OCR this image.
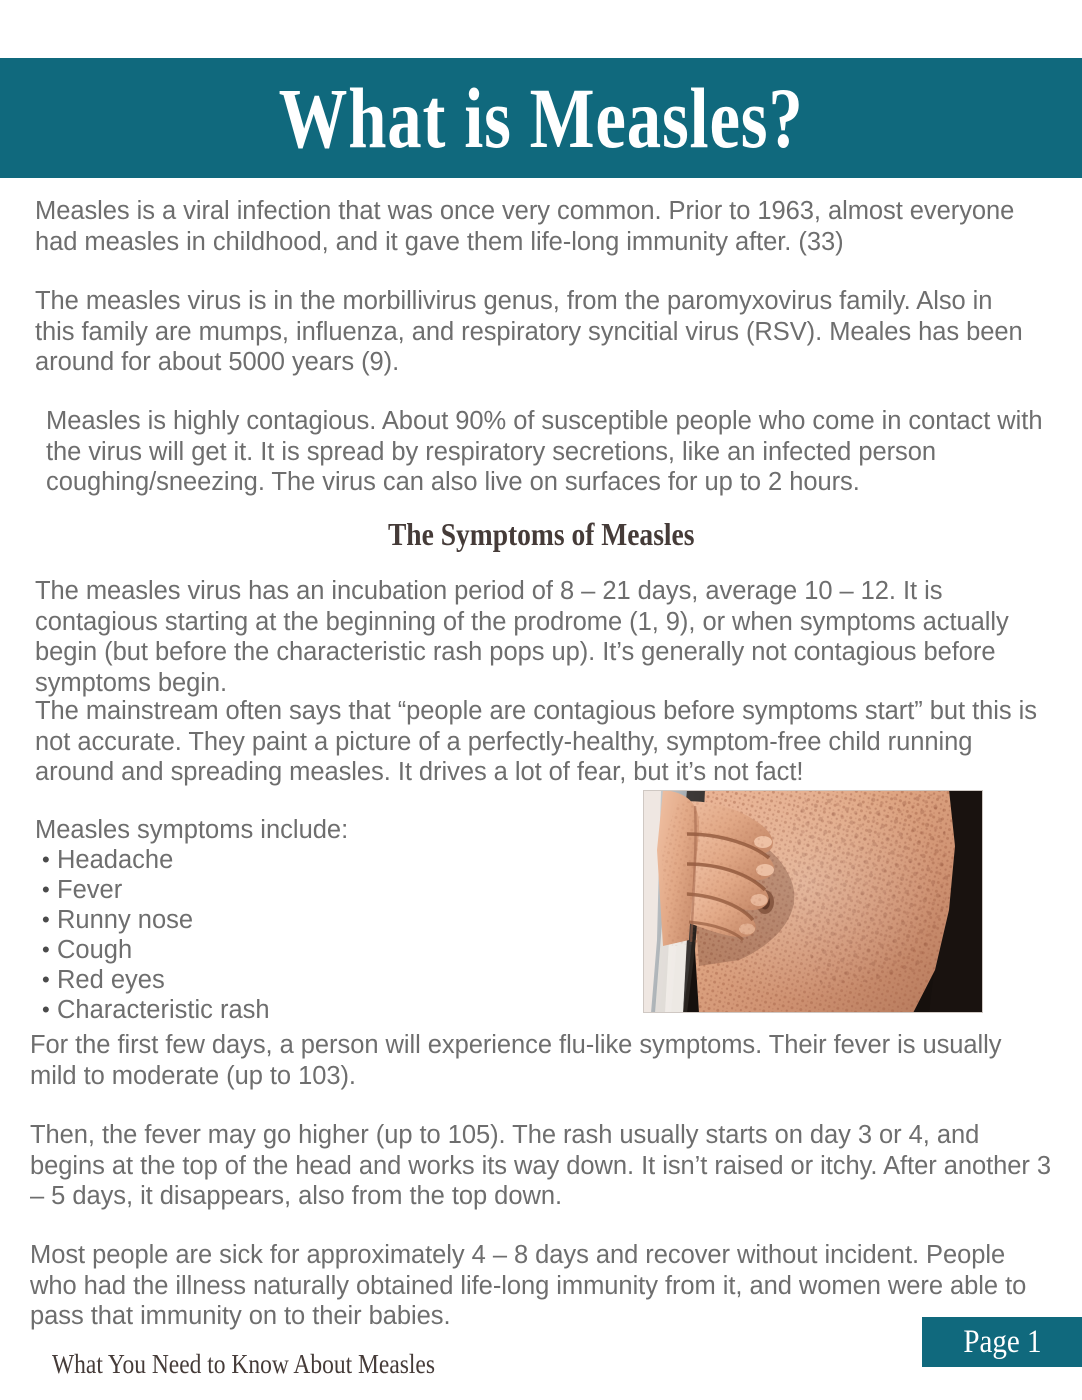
What is Measles?

Measles is a viral infection that was once very common. Prior to 1963, almost everyone had measles in childhood, and it gave them life-long immunity after. (33)

The measles virus is in the morbillivirus genus, from the paromyxovirus family. Also in this family are mumps, influenza, and respiratory syncitial virus (RSV). Meales has been around for about 5000 years (9).

Measles is highly contagious. About 90% of susceptible people who come in contact with the virus will get it. It is spread by respiratory secretions, like an infected person coughing/sneezing. The virus can also live on surfaces for up to 2 hours.

The Symptoms of Measles

The measles virus has an incubation period of 8 – 21 days, average 10 – 12. It is contagious starting at the beginning of the prodrome (1, 9), or when symptoms actually begin (but before the characteristic rash pops up). It’s generally not contagious before symptoms begin.

The mainstream often says that “people are contagious before symptoms start” but this is not accurate. They paint a picture of a perfectly-healthy, symptom-free child running around and spreading measles. It drives a lot of fear, but it’s not fact!

Measles symptoms include:

• Headache
• Fever
• Runny nose
• Cough
• Red eyes
• Characteristic rash

For the first few days, a person will experience flu-like symptoms. Their fever is usually mild to moderate (up to 103).

Then, the fever may go higher (up to 105). The rash usually starts on day 3 or 4, and begins at the top of the head and works its way down. It isn’t raised or itchy. After another 3 – 5 days, it disappears, also from the top down.

Most people are sick for approximately 4 – 8 days and recover without incident. People who had the illness naturally obtained life-long immunity from it, and women were able to pass that immunity on to their babies.

Page 1
What You Need to Know About Measles
